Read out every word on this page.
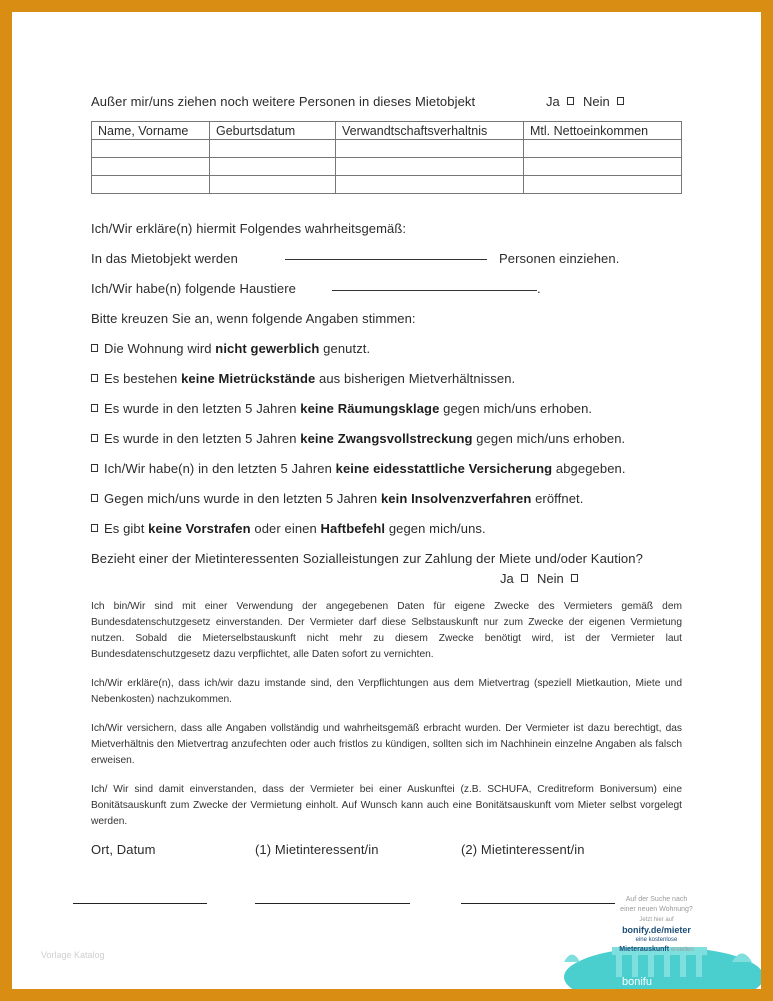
Außer mir/uns ziehen noch weitere Personen in dieses Mietobjekt	Ja	Nein
Name, Vorname	Geburtsdatum	Verwandtschaftsverhaltnis	Mtl. Nettoeinkommen

Ich/Wir erkläre(n) hiermit Folgendes wahrheitsgemäß:
In das Mietobjekt werden	Personen einziehen.
Ich/Wir habe(n) folgende Haustiere	.
Bitte kreuzen Sie an, wenn folgende Angaben stimmen:
Die Wohnung wird nicht gewerblich genutzt.
Es bestehen keine Mietrückstände aus bisherigen Mietverhältnissen.
Es wurde in den letzten 5 Jahren keine Räumungsklage gegen mich/uns erhoben.
Es wurde in den letzten 5 Jahren keine Zwangsvollstreckung gegen mich/uns erhoben.
Ich/Wir habe(n) in den letzten 5 Jahren keine eidesstattliche Versicherung abgegeben.
Gegen mich/uns wurde in den letzten 5 Jahren kein Insolvenzverfahren eröffnet.
Es gibt keine Vorstrafen oder einen Haftbefehl gegen mich/uns.
Bezieht einer der Mietinteressenten Sozialleistungen zur Zahlung der Miete und/oder Kaution?
Ja	Nein

Ich bin/Wir sind mit einer Verwendung der angegebenen Daten für eigene Zwecke des Vermieters gemäß dem Bundesdatenschutzgesetz einverstanden. Der Vermieter darf diese Selbstauskunft nur zum Zwecke der eigenen Vermietung nutzen. Sobald die Mieterselbstauskunft nicht mehr zu diesem Zwecke benötigt wird, ist der Vermieter laut Bundesdatenschutzgesetz dazu verpflichtet, alle Daten sofort zu vernichten.

Ich/Wir erkläre(n), dass ich/wir dazu imstande sind, den Verpflichtungen aus dem Mietvertrag (speziell Mietkaution, Miete und Nebenkosten) nachzukommen.

Ich/Wir versichern, dass alle Angaben vollständig und wahrheitsgemäß erbracht wurden. Der Vermieter ist dazu berechtigt, das Mietverhältnis den Mietvertrag anzufechten oder auch fristlos zu kündigen, sollten sich im Nachhinein einzelne Angaben als falsch erweisen.

Ich/ Wir sind damit einverstanden, dass der Vermieter bei einer Auskunftei (z.B. SCHUFA, Creditreform Boniversum) eine Bonitätsauskunft zum Zwecke der Vermietung einholt. Auf Wunsch kann auch eine Bonitätsauskunft vom Mieter selbst vorgelegt werden.

Ort, Datum	(1) Mietinteressent/in	(2) Mietinteressent/in
Vorlage Katalog
Auf der Suche nach
einer neuen Wohnung?
Jetzt hier auf
bonify.de/mieter
eine kostenlose
Mieterauskunft erstellen
bonifu
